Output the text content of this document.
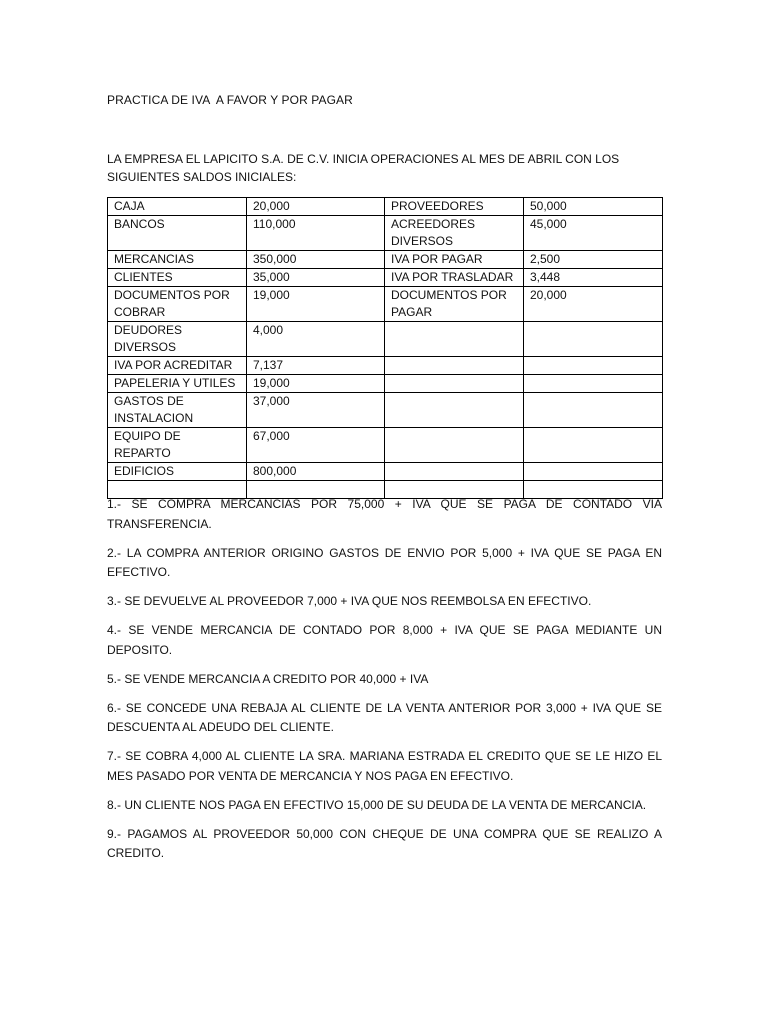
PRACTICA DE IVA  A FAVOR Y POR PAGAR
LA EMPRESA EL LAPICITO S.A. DE C.V. INICIA OPERACIONES AL MES DE ABRIL CON LOS SIGUIENTES SALDOS INICIALES:
CAJA	20,000	PROVEEDORES	50,000
BANCOS	110,000	ACREEDORES DIVERSOS	45,000
MERCANCIAS	350,000	IVA POR PAGAR	2,500
CLIENTES	35,000	IVA POR TRASLADAR	3,448
DOCUMENTOS POR COBRAR	19,000	DOCUMENTOS POR PAGAR	20,000
DEUDORES DIVERSOS	4,000		
IVA POR ACREDITAR	7,137		
PAPELERIA Y UTILES	19,000		
GASTOS DE INSTALACION	37,000		
EQUIPO DE REPARTO	67,000		
EDIFICIOS	800,000		

1.- SE COMPRA MERCANCIAS POR 75,000 + IVA QUE SE PAGA DE CONTADO VIA TRANSFERENCIA.
2.- LA COMPRA ANTERIOR ORIGINO GASTOS DE ENVIO POR 5,000 + IVA QUE SE PAGA EN EFECTIVO.
3.- SE DEVUELVE AL PROVEEDOR 7,000 + IVA QUE NOS REEMBOLSA EN EFECTIVO.
4.- SE VENDE MERCANCIA DE CONTADO POR 8,000 + IVA QUE SE PAGA MEDIANTE UN DEPOSITO.
5.- SE VENDE MERCANCIA A CREDITO POR 40,000 + IVA
6.- SE CONCEDE UNA REBAJA AL CLIENTE DE LA VENTA ANTERIOR POR 3,000 + IVA QUE SE DESCUENTA AL ADEUDO DEL CLIENTE.
7.- SE COBRA 4,000 AL CLIENTE LA SRA. MARIANA ESTRADA EL CREDITO QUE SE LE HIZO EL MES PASADO POR VENTA DE MERCANCIA Y NOS PAGA EN EFECTIVO.
8.- UN CLIENTE NOS PAGA EN EFECTIVO 15,000 DE SU DEUDA DE LA VENTA DE MERCANCIA.
9.- PAGAMOS AL PROVEEDOR 50,000 CON CHEQUE DE UNA COMPRA QUE SE REALIZO A CREDITO.
